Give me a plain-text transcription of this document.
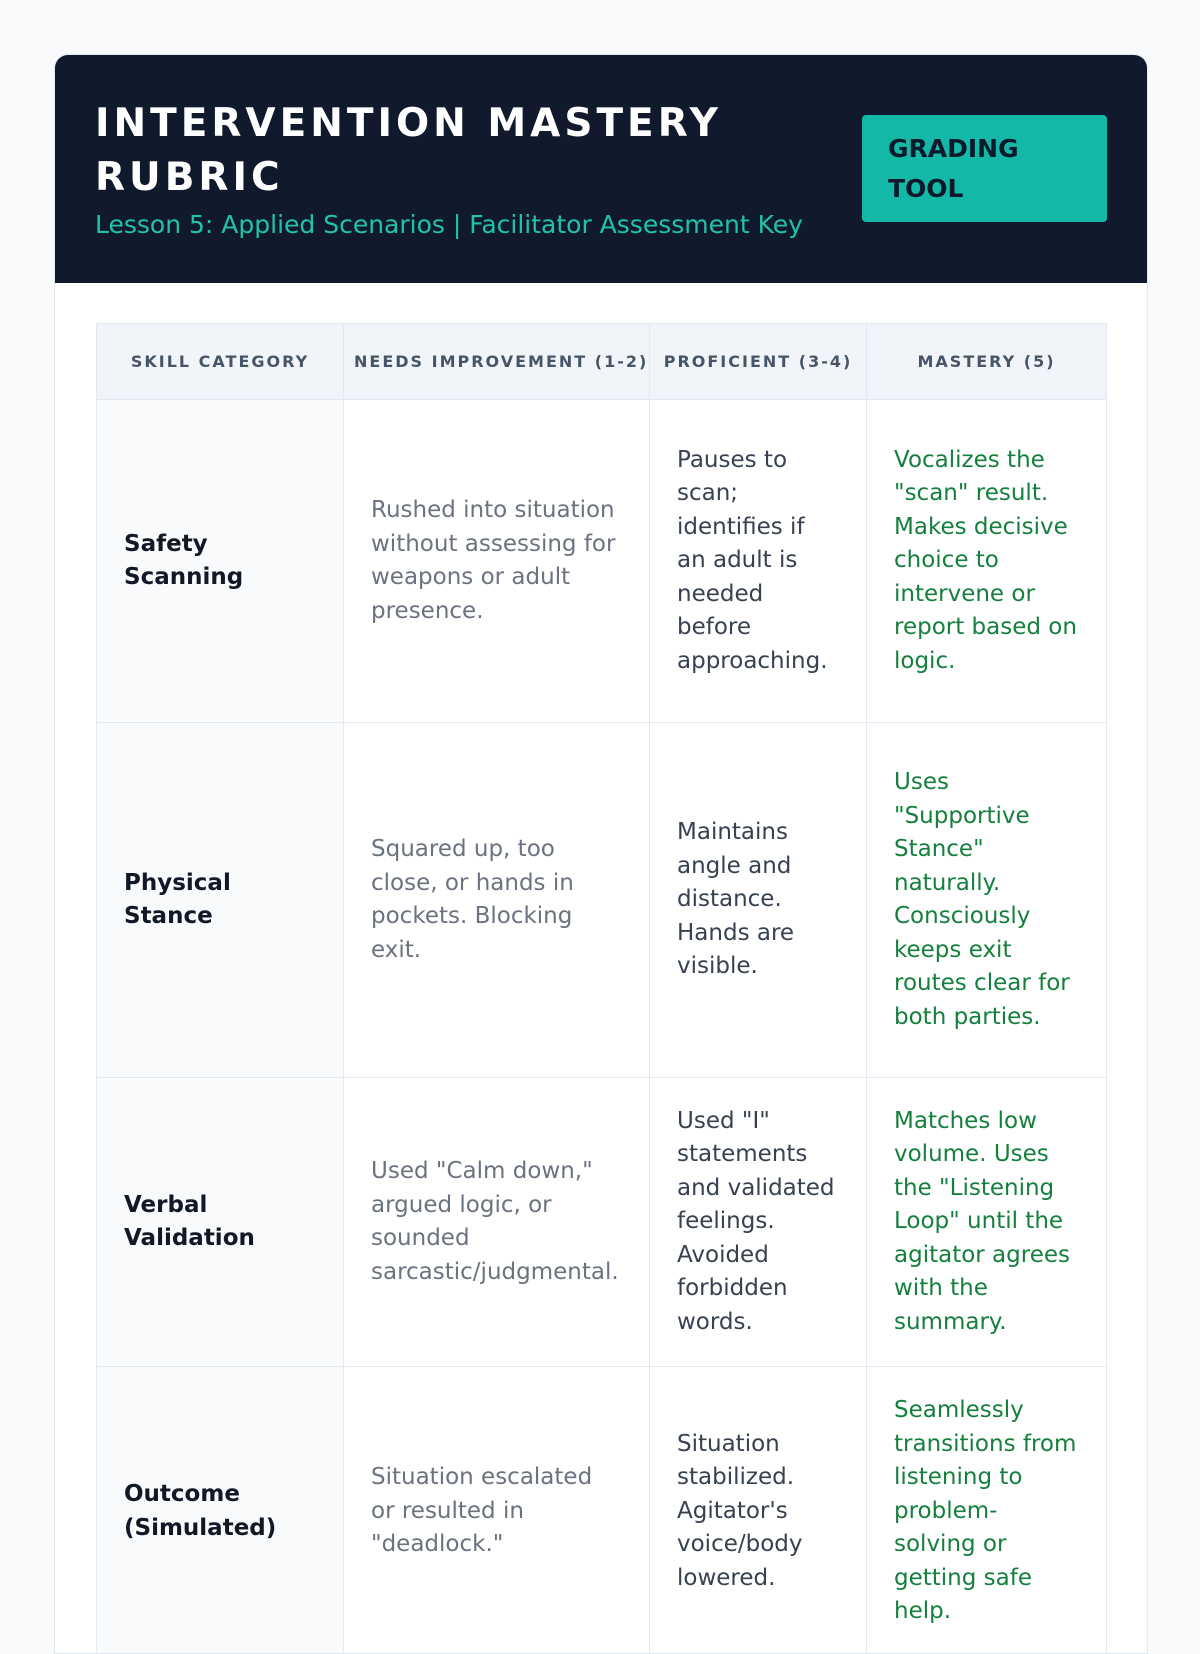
INTERVENTION MASTERY RUBRIC
Lesson 5: Applied Scenarios | Facilitator Assessment Key
GRADING TOOL
SKILL CATEGORY	NEEDS IMPROVEMENT (1-2)	PROFICIENT (3-4)	MASTERY (5)
Safety Scanning	Rushed into situation without assessing for weapons or adult presence.	Pauses to scan; identifies if an adult is needed before approaching.	Vocalizes the "scan" result. Makes decisive choice to intervene or report based on logic.
Physical Stance	Squared up, too close, or hands in pockets. Blocking exit.	Maintains angle and distance. Hands are visible.	Uses "Supportive Stance" naturally. Consciously keeps exit routes clear for both parties.
Verbal Validation	Used "Calm down," argued logic, or sounded sarcastic/judgmental.	Used "I" statements and validated feelings. Avoided forbidden words.	Matches low volume. Uses the "Listening Loop" until the agitator agrees with the summary.
Outcome (Simulated)	Situation escalated or resulted in "deadlock."	Situation stabilized. Agitator's voice/body lowered.	Seamlessly transitions from listening to problem-solving or getting safe help.
